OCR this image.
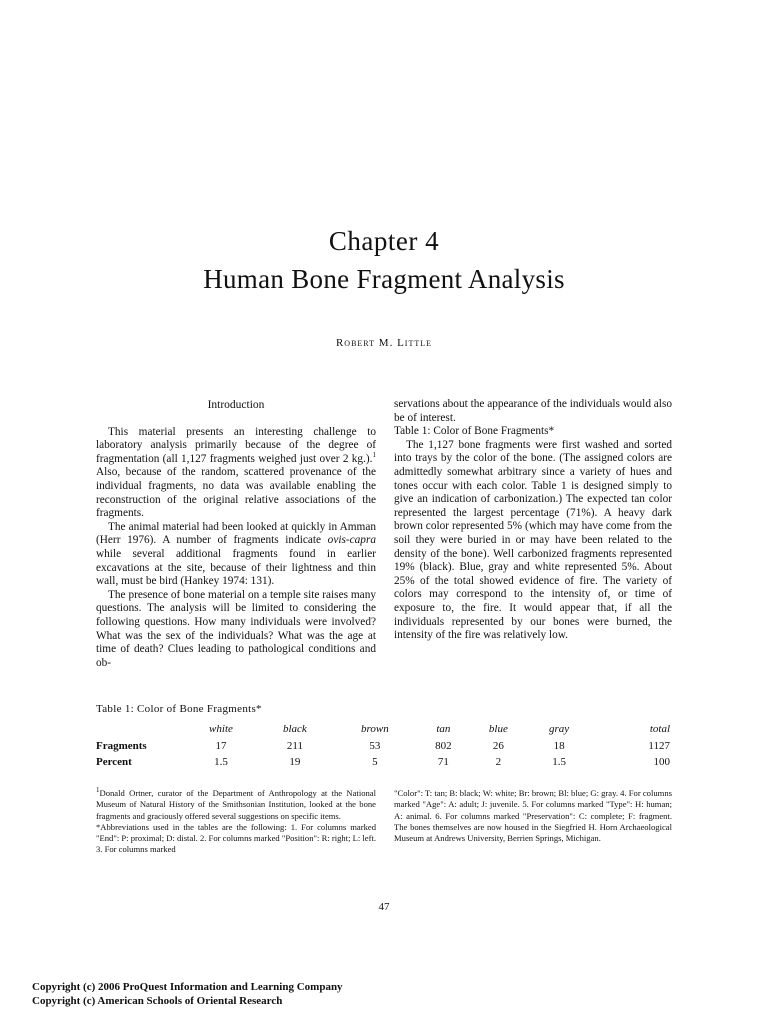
Chapter 4
Human Bone Fragment Analysis
Robert M. Little
Introduction

This material presents an interesting challenge to laboratory analysis primarily because of the degree of fragmentation (all 1,127 fragments weighed just over 2 kg.).$^1$ Also, because of the random, scattered provenance of the individual fragments, no data was available enabling the reconstruction of the original relative associations of the fragments.

The animal material had been looked at quickly in Amman (Herr 1976). A number of fragments indicate ovis-capra while several additional fragments found in earlier excavations at the site, because of their lightness and thin wall, must be bird (Hankey 1974: 131).

The presence of bone material on a temple site raises many questions. The analysis will be limited to considering the following questions. How many individuals were involved? What was the sex of the individuals? What was the age at time of death? Clues leading to pathological conditions and ob-

servations about the appearance of the individuals would also be of interest.

Table 1: Color of Bone Fragments*

The 1,127 bone fragments were first washed and sorted into trays by the color of the bone. (The assigned colors are admittedly somewhat arbitrary since a variety of hues and tones occur with each color. Table 1 is designed simply to give an indication of carbonization.) The expected tan color represented the largest percentage (71%). A heavy dark brown color represented 5% (which may have come from the soil they were buried in or may have been related to the density of the bone). Well carbonized fragments represented 19% (black). Blue, gray and white represented 5%. About 25% of the total showed evidence of fire. The variety of colors may correspond to the intensity of, or time of exposure to, the fire. It would appear that, if all the individuals represented by our bones were burned, the intensity of the fire was relatively low.

Table 1: Color of Bone Fragments*
	white	black	brown	tan	blue	gray	total
Fragments	17	211	53	802	26	18	1127
Percent	1.5	19	5	71	2	1.5	100

$^1$Donald Ortner, curator of the Department of Anthropology at the National Museum of Natural History of the Smithsonian Institution, looked at the bone fragments and graciously offered several suggestions on specific items.

*Abbreviations used in the tables are the following: 1. For columns marked "End": P: proximal; D: distal. 2. For columns marked "Position": R: right; L: left. 3. For columns marked

"Color": T: tan; B: black; W: white; Br: brown; Bl: blue; G: gray. 4. For columns marked "Age": A: adult; J: juvenile. 5. For columns marked "Type": H: human; A: animal. 6. For columns marked "Preservation": C: complete; F: fragment. The bones themselves are now housed in the Siegfried H. Horn Archaeological Museum at Andrews University, Berrien Springs, Michigan.

47
Copyright (c) 2006 ProQuest Information and Learning Company
Copyright (c) American Schools of Oriental Research
